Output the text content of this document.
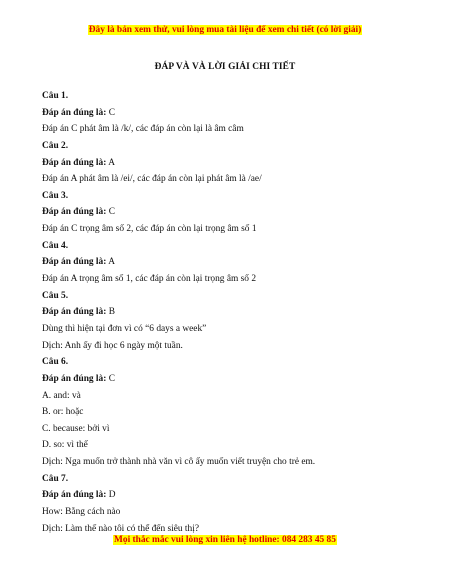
Đây là bản xem thử, vui lòng mua tài liệu để xem chi tiết (có lời giải)
ĐÁP VÀ VÀ LỜI GIẢI CHI TIẾT
Câu 1.
Đáp án đúng là: C
Đáp án C phát âm là /k/, các đáp án còn lại là âm câm
Câu 2.
Đáp án đúng là: A
Đáp án A phát âm là /ei/, các đáp án còn lại phát âm là /ae/
Câu 3.
Đáp án đúng là: C
Đáp án C trọng âm số 2, các đáp án còn lại trọng âm số 1
Câu 4.
Đáp án đúng là: A
Đáp án A trọng âm số 1, các đáp án còn lại trọng âm số 2
Câu 5.
Đáp án đúng là: B
Dùng thì hiện tại đơn vì có “6 days a week”
Dịch: Anh ấy đi học 6 ngày một tuần.
Câu 6.
Đáp án đúng là: C
A. and: và
B. or: hoặc
C. because: bởi vì
D. so: vì thế
Dịch: Nga muốn trở thành nhà văn vì cô ấy muốn viết truyện cho trẻ em.
Câu 7.
Đáp án đúng là: D
How: Bằng cách nào
Dịch: Làm thế nào tôi có thể đến siêu thị?
Mọi thắc mắc vui lòng xin liên hệ hotline: 084 283 45 85
